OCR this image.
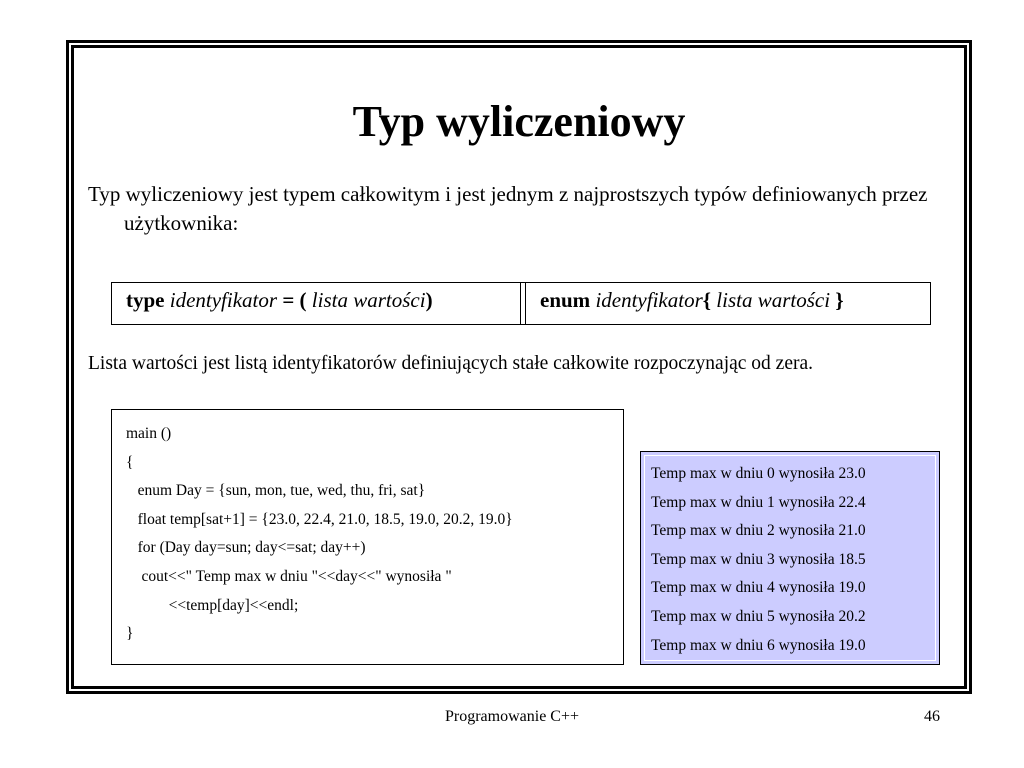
Typ wyliczeniowy

Typ wyliczeniowy jest typem całkowitym i jest jednym z najprostszych typów definiowanych przez użytkownika:

type identyfikator = ( lista wartości)	enum identyfikator{ lista wartości }

Lista wartości jest listą identyfikatorów definiujących stałe całkowite rozpoczynając od zera.

main ()
{
enum Day = {sun, mon, tue, wed, thu, fri, sat}
float temp[sat+1] = {23.0, 22.4, 21.0, 18.5, 19.0, 20.2, 19.0}
for (Day day=sun; day<=sat; day++)
cout<<" Temp max w dniu "<<day<<" wynosiła "
<<temp[day]<<endl;
}
Temp max w dniu 0 wynosiła 23.0
Temp max w dniu 1 wynosiła 22.4
Temp max w dniu 2 wynosiła 21.0
Temp max w dniu 3 wynosiła 18.5
Temp max w dniu 4 wynosiła 19.0
Temp max w dniu 5 wynosiła 20.2
Temp max w dniu 6 wynosiła 19.0
Programowanie C++	46
